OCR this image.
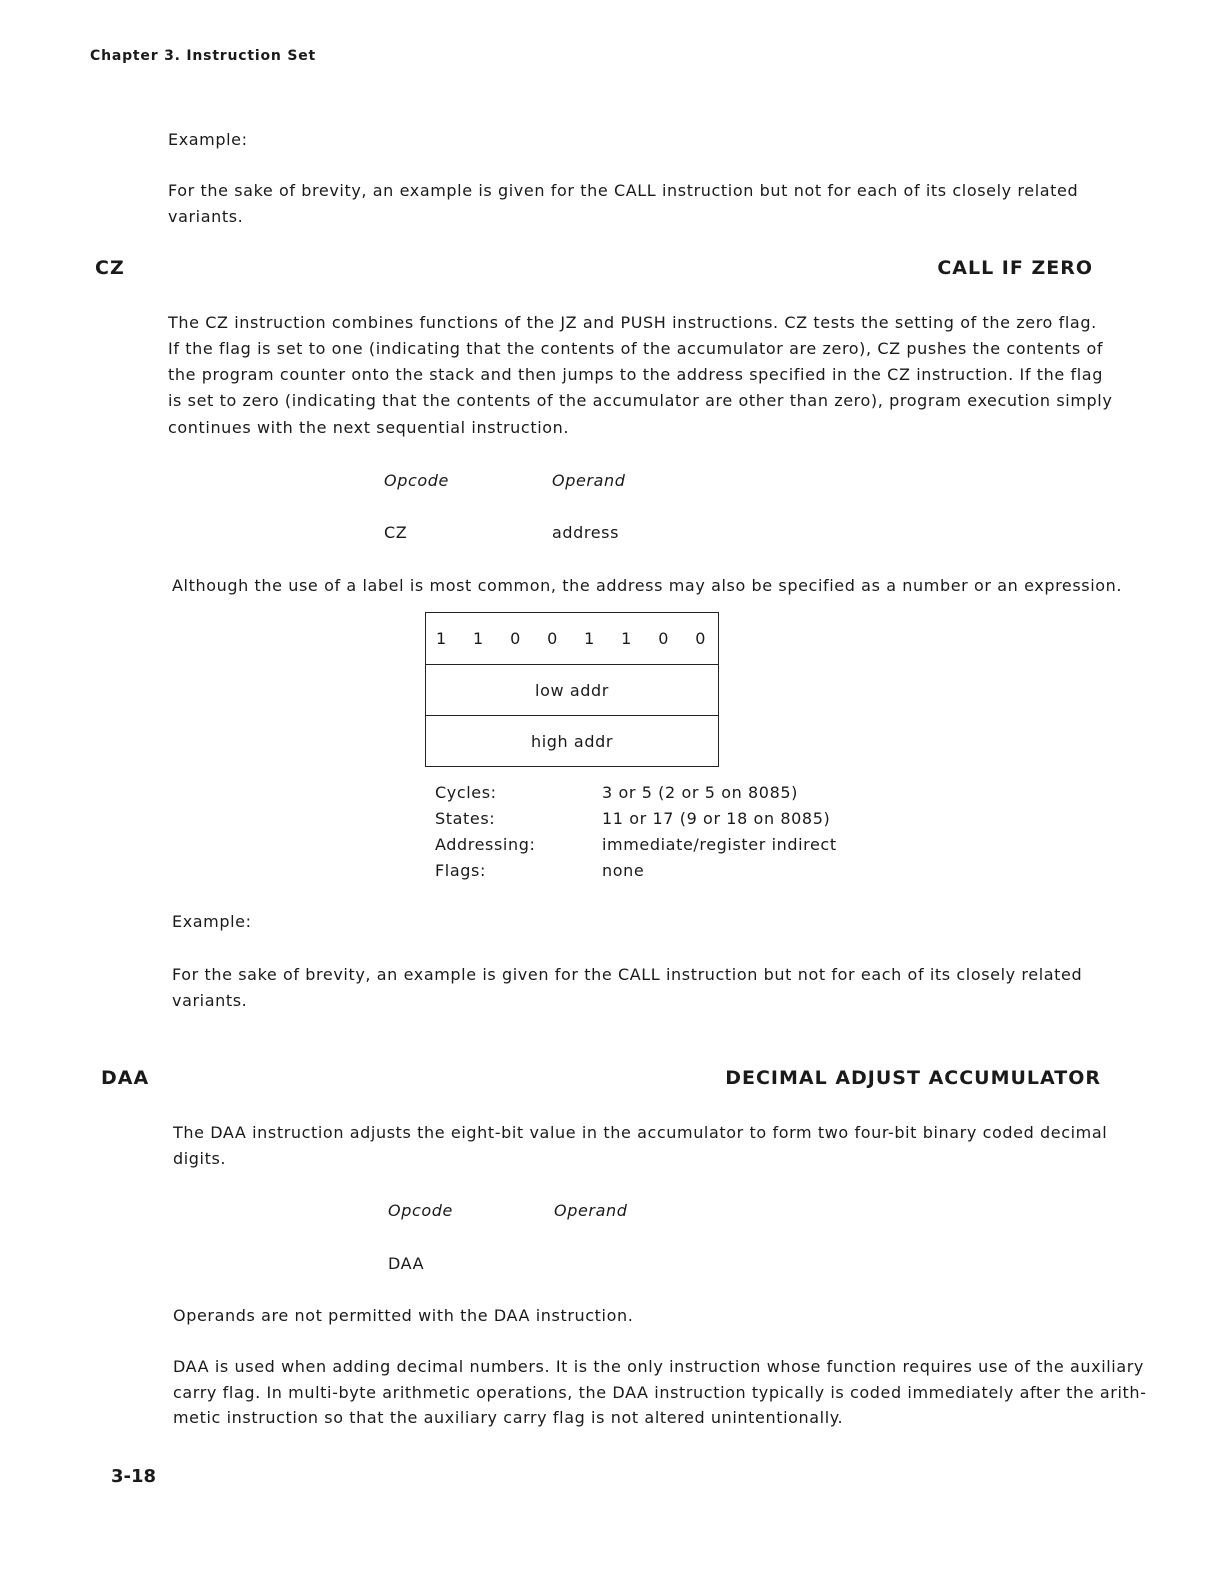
Chapter 3. Instruction Set
Example:
For the sake of brevity, an example is given for the CALL instruction but not for each of its closely related
variants.
CZ	CALL IF ZERO
The CZ instruction combines functions of the JZ and PUSH instructions. CZ tests the setting of the zero flag.
If the flag is set to one (indicating that the contents of the accumulator are zero), CZ pushes the contents of
the program counter onto the stack and then jumps to the address specified in the CZ instruction. If the flag
is set to zero (indicating that the contents of the accumulator are other than zero), program execution simply
continues with the next sequential instruction.
Opcode	Operand
CZ	address
Although the use of a label is most common, the address may also be specified as a number or an expression.
1 1 0 0 1 1 0 0
low addr
high addr
Cycles:	3 or 5 (2 or 5 on 8085)
States:	11 or 17 (9 or 18 on 8085)
Addressing:	immediate/register indirect
Flags:	none
Example:
For the sake of brevity, an example is given for the CALL instruction but not for each of its closely related
variants.
DAA	DECIMAL ADJUST ACCUMULATOR
The DAA instruction adjusts the eight-bit value in the accumulator to form two four-bit binary coded decimal
digits.
Opcode	Operand
DAA
Operands are not permitted with the DAA instruction.
DAA is used when adding decimal numbers. It is the only instruction whose function requires use of the auxiliary
carry flag. In multi-byte arithmetic operations, the DAA instruction typically is coded immediately after the arith-
metic instruction so that the auxiliary carry flag is not altered unintentionally.
3-18
